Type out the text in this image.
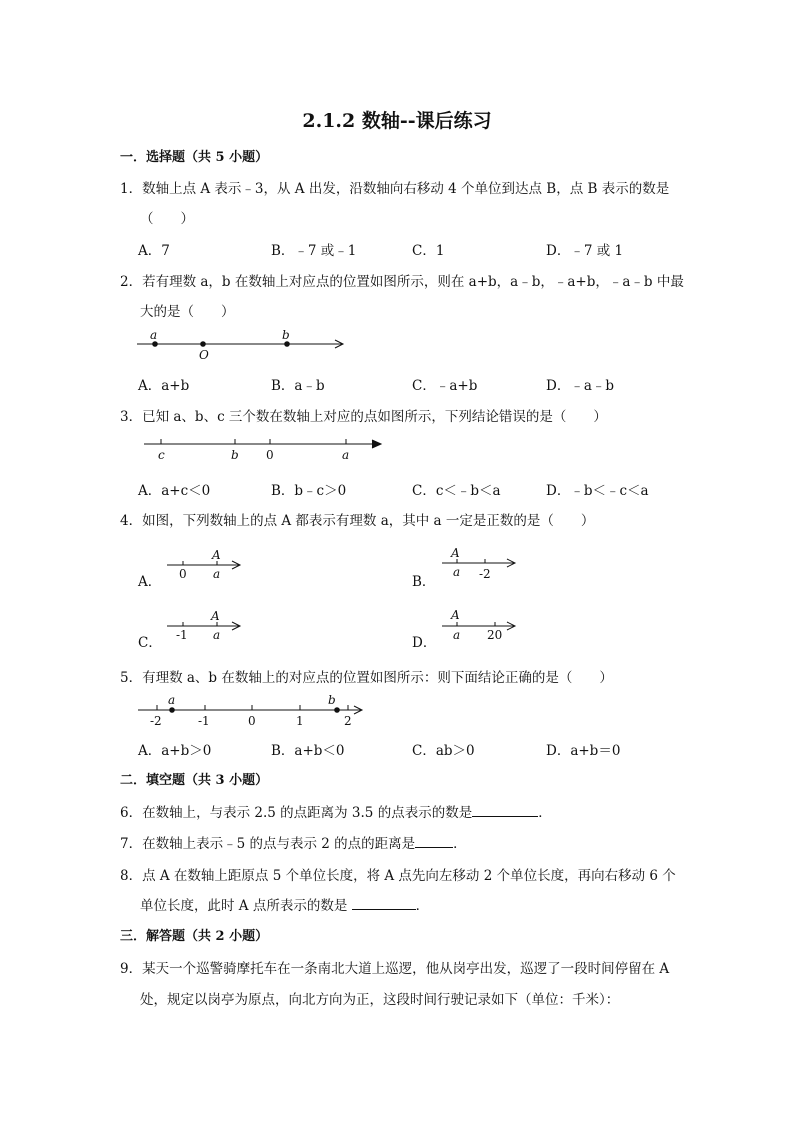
2.1.2 数轴--课后练习
一．选择题（共 5 小题）
1．数轴上点 A 表示﹣3，从 A 出发，沿数轴向右移动 4 个单位到达点 B，点 B 表示的数是
（　　）
A．7	B．﹣7 或﹣1	C．1	D．﹣7 或 1
2．若有理数 a，b 在数轴上对应点的位置如图所示，则在 a+b，a﹣b，﹣a+b，﹣a﹣b 中最
大的是（　　）
a
O
b
A．a+b	B．a﹣b	C．﹣a+b	D．﹣a﹣b
3．已知 a、b、c 三个数在数轴上对应的点如图所示，下列结论错误的是（　　）
c	b 0	a
A．a+c＜0	B．b﹣c＞0	C．c＜﹣b＜a	D．﹣b＜﹣c＜a
4．如图，下列数轴上的点 A 都表示有理数 a，其中 a 一定是正数的是（　　）
A．
A
0 a	B．
A
a -2
C．
A
-1 a	D．
A
a 20
5．有理数 a、b 在数轴上的对应点的位置如图所示：则下面结论正确的是（　　）
a	b
-2	-1	0	1	2
A．a+b＞0	B．a+b＜0	C．ab＞0	D．a+b＝0
二．填空题（共 3 小题）
6．在数轴上，与表示 2.5 的点距离为 3.5 的点表示的数是	．
7．在数轴上表示﹣5 的点与表示 2 的点的距离是	．
8．点 A 在数轴上距原点 5 个单位长度，将 A 点先向左移动 2 个单位长度，再向右移动 6 个
单位长度，此时 A 点所表示的数是	．
三．解答题（共 2 小题）
9．某天一个巡警骑摩托车在一条南北大道上巡逻，他从岗亭出发，巡逻了一段时间停留在 A
处，规定以岗亭为原点，向北方向为正，这段时间行驶记录如下（单位：千米）：
